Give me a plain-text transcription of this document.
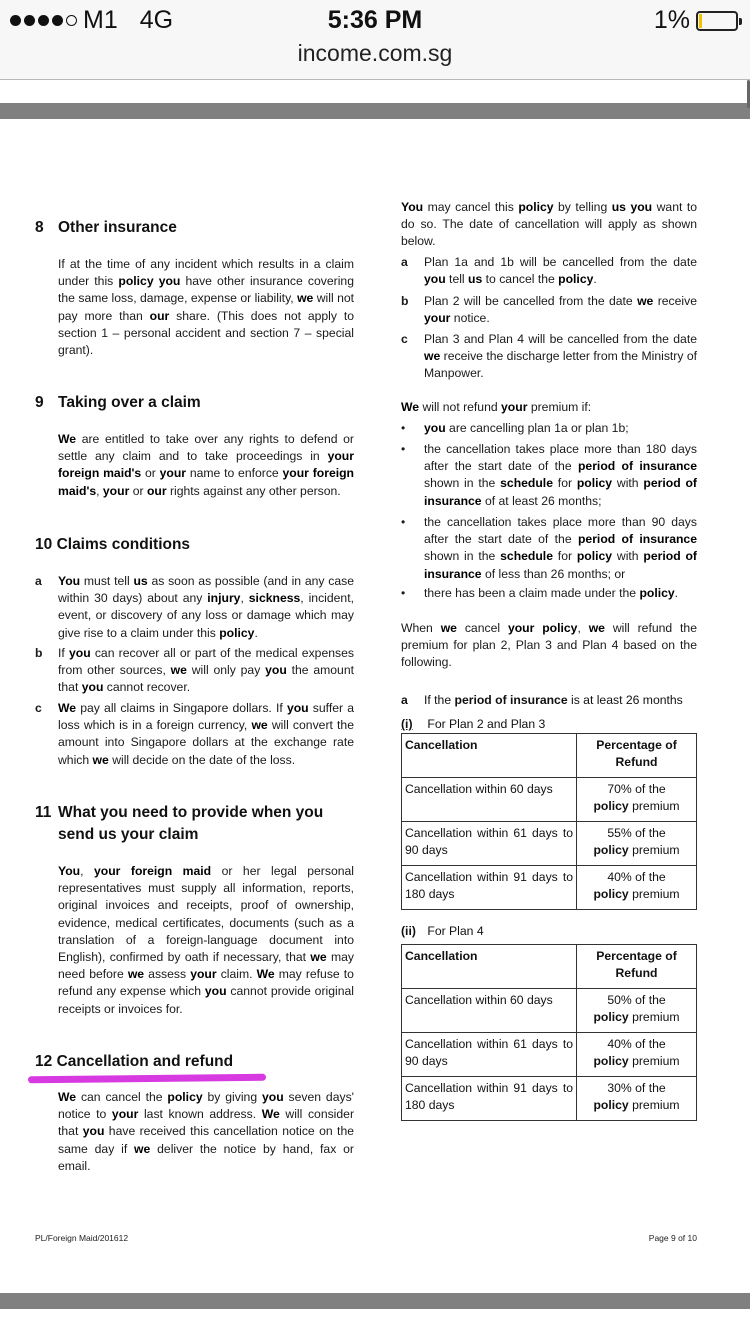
M1 4G	5:36 PM	1%
income.com.sg
8 Other insurance
If at the time of any incident which results in a claim under this policy you have other insurance covering the same loss, damage, expense or liability, we will not pay more than our share. (This does not apply to section 1 – personal accident and section 7 – special grant).
9 Taking over a claim
We are entitled to take over any rights to defend or settle any claim and to take proceedings in your foreign maid's or your name to enforce your foreign maid's, your or our rights against any other person.
10 Claims conditions
a You must tell us as soon as possible (and in any case within 30 days) about any injury, sickness, incident, event, or discovery of any loss or damage which may give rise to a claim under this policy.
b If you can recover all or part of the medical expenses from other sources, we will only pay you the amount that you cannot recover.
c We pay all claims in Singapore dollars. If you suffer a loss which is in a foreign currency, we will convert the amount into Singapore dollars at the exchange rate which we will decide on the date of the loss.
11 What you need to provide when you
send us your claim
You, your foreign maid or her legal personal representatives must supply all information, reports, original invoices and receipts, proof of ownership, evidence, medical certificates, documents (such as a translation of a foreign-language document into English), confirmed by oath if necessary, that we may need before we assess your claim. We may refuse to refund any expense which you cannot provide original receipts or invoices for.
12 Cancellation and refund
We can cancel the policy by giving you seven days' notice to your last known address. We will consider that you have received this cancellation notice on the same day if we deliver the notice by hand, fax or email.
You may cancel this policy by telling us you want to do so. The date of cancellation will apply as shown below.
a Plan 1a and 1b will be cancelled from the date you tell us to cancel the policy.
b Plan 2 will be cancelled from the date we receive your notice.
c Plan 3 and Plan 4 will be cancelled from the date we receive the discharge letter from the Ministry of Manpower.
We will not refund your premium if:
• you are cancelling plan 1a or plan 1b;
• the cancellation takes place more than 180 days after the start date of the period of insurance shown in the schedule for policy with period of insurance of at least 26 months;
• the cancellation takes place more than 90 days after the start date of the period of insurance shown in the schedule for policy with period of insurance of less than 26 months; or
• there has been a claim made under the policy.
When we cancel your policy, we will refund the premium for plan 2, Plan 3 and Plan 4 based on the following.
a If the period of insurance is at least 26 months
(i) For Plan 2 and Plan 3
Cancellation	Percentage of Refund
Cancellation within 60 days	70% of the
policy premium
Cancellation within 61 days to 90 days	55% of the
policy premium
Cancellation within 91 days to 180 days	40% of the
policy premium
(ii) For Plan 4
Cancellation	Percentage of Refund
Cancellation within 60 days	50% of the
policy premium
Cancellation within 61 days to 90 days	40% of the
policy premium
Cancellation within 91 days to 180 days	30% of the
policy premium
PL/Foreign Maid/201612	Page 9 of 10
